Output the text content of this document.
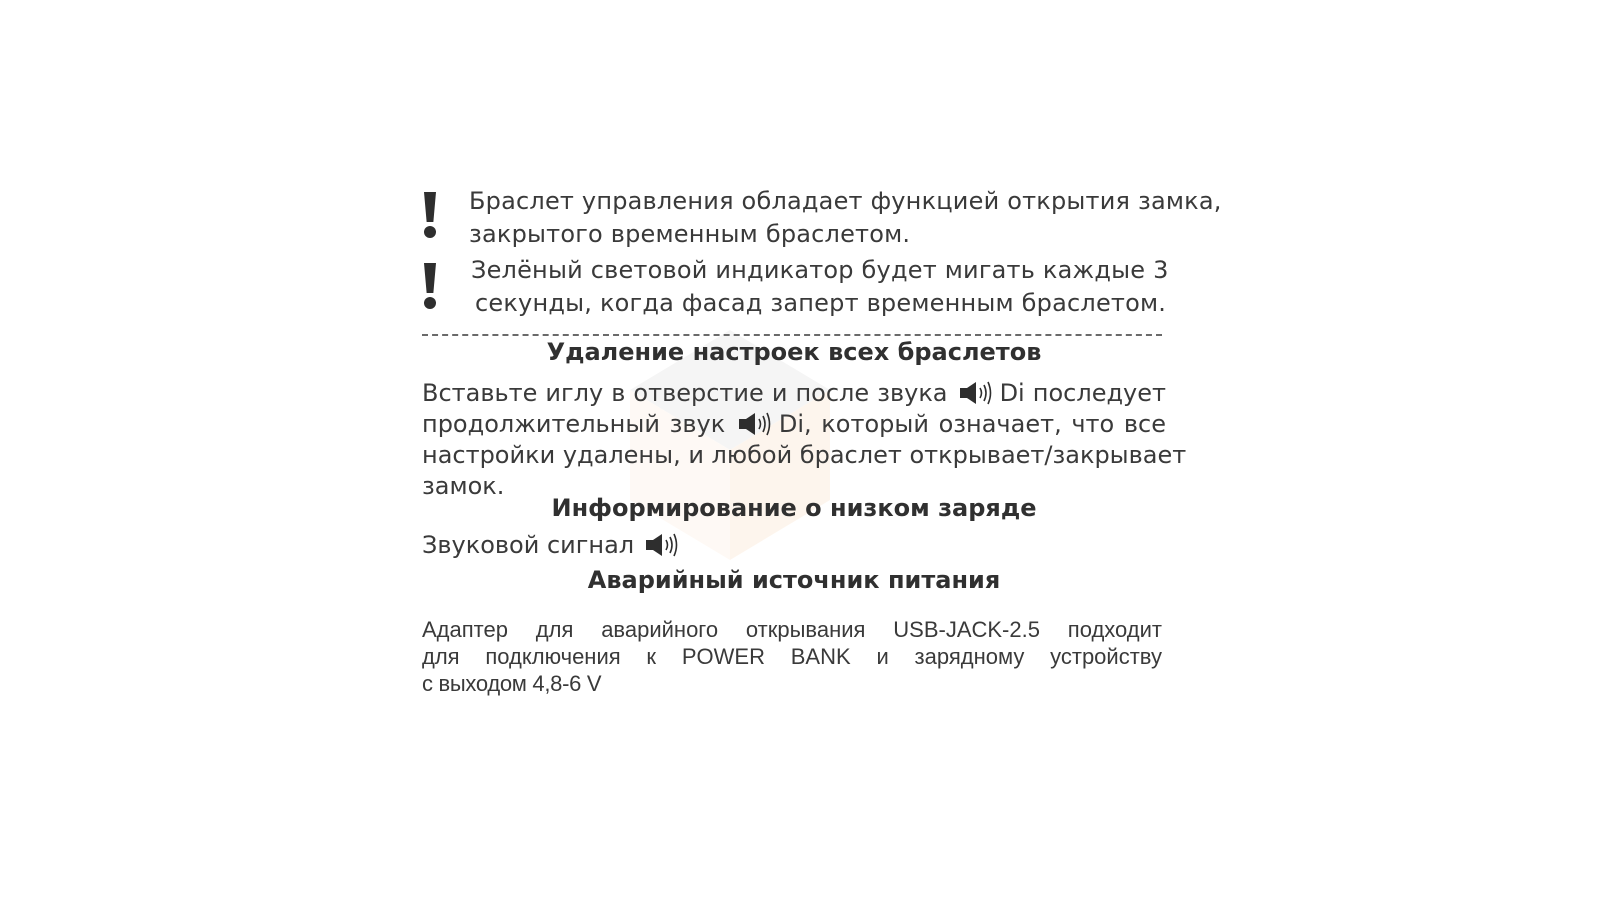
Браслет управления обладает функцией открытия замка,
закрытого временным браслетом.
Зелёный световой индикатор будет мигать каждые 3
секунды, когда фасад заперт временным браслетом.
Удаление настроек всех браслетов
Вставьте иглу в отверстие и после звука Di последует
продолжительный звук Di, который означает, что все
настройки удалены, и любой браслет открывает/закрывает
замок.
Информирование о низком заряде
Звуковой сигнал
Аварийный источник питания
Адаптер для аварийного открывания USB-JACK-2.5 подходит
для подключения к POWER BANK и зарядному устройству
с выходом 4,8-6 V
